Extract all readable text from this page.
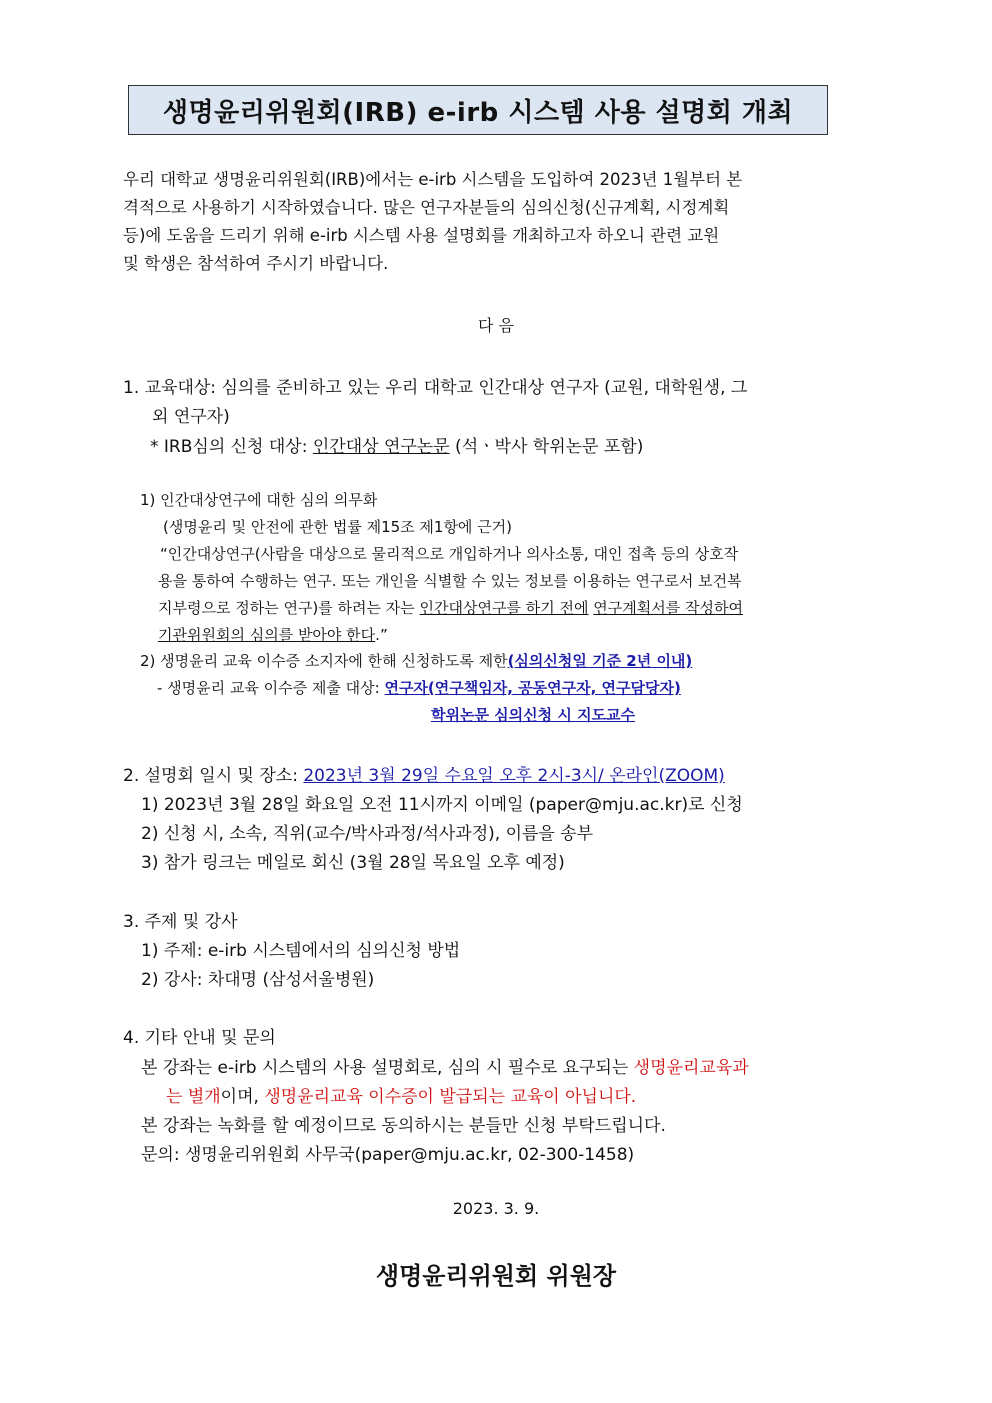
생명윤리위원회(IRB) e-irb 시스템 사용 설명회 개최
우리 대학교 생명윤리위원회(IRB)에서는 e-irb 시스템을 도입하여 2023년 1월부터 본
격적으로 사용하기 시작하였습니다. 많은 연구자분들의 심의신청(신규계획, 시정계획
등)에 도움을 드리기 위해 e-irb 시스템 사용 설명회를 개최하고자 하오니 관련 교원
및 학생은 참석하여 주시기 바랍니다.
다 음
1. 교육대상: 심의를 준비하고 있는 우리 대학교 인간대상 연구자 (교원, 대학원생, 그
외 연구자)
* IRB심의 신청 대상: 인간대상 연구논문 (석ㆍ박사 학위논문 포함)
1) 인간대상연구에 대한 심의 의무화
(생명윤리 및 안전에 관한 법률 제15조 제1항에 근거)
“인간대상연구(사람을 대상으로 물리적으로 개입하거나 의사소통, 대인 접촉 등의 상호작
용을 통하여 수행하는 연구. 또는 개인을 식별할 수 있는 정보를 이용하는 연구로서 보건복
지부령으로 정하는 연구)를 하려는 자는 인간대상연구를 하기 전에 연구계획서를 작성하여
기관위원회의 심의를 받아야 한다.”
2) 생명윤리 교육 이수증 소지자에 한해 신청하도록 제한(심의신청일 기준 2년 이내)
- 생명윤리 교육 이수증 제출 대상: 연구자(연구책임자, 공동연구자, 연구담당자)
학위논문 심의신청 시 지도교수
2. 설명회 일시 및 장소: 2023년 3월 29일 수요일 오후 2시-3시/ 온라인(ZOOM)
1) 2023년 3월 28일 화요일 오전 11시까지 이메일 (paper@mju.ac.kr)로 신청
2) 신청 시, 소속, 직위(교수/박사과정/석사과정), 이름을 송부
3) 참가 링크는 메일로 회신 (3월 28일 목요일 오후 예정)
3. 주제 및 강사
1) 주제: e-irb 시스템에서의 심의신청 방법
2) 강사: 차대명 (삼성서울병원)
4. 기타 안내 및 문의
본 강좌는 e-irb 시스템의 사용 설명회로, 심의 시 필수로 요구되는 생명윤리교육과
는 별개이며, 생명윤리교육 이수증이 발급되는 교육이 아닙니다.
본 강좌는 녹화를 할 예정이므로 동의하시는 분들만 신청 부탁드립니다.
문의: 생명윤리위원회 사무국(paper@mju.ac.kr, 02-300-1458)
2023. 3. 9.
생명윤리위원회 위원장
